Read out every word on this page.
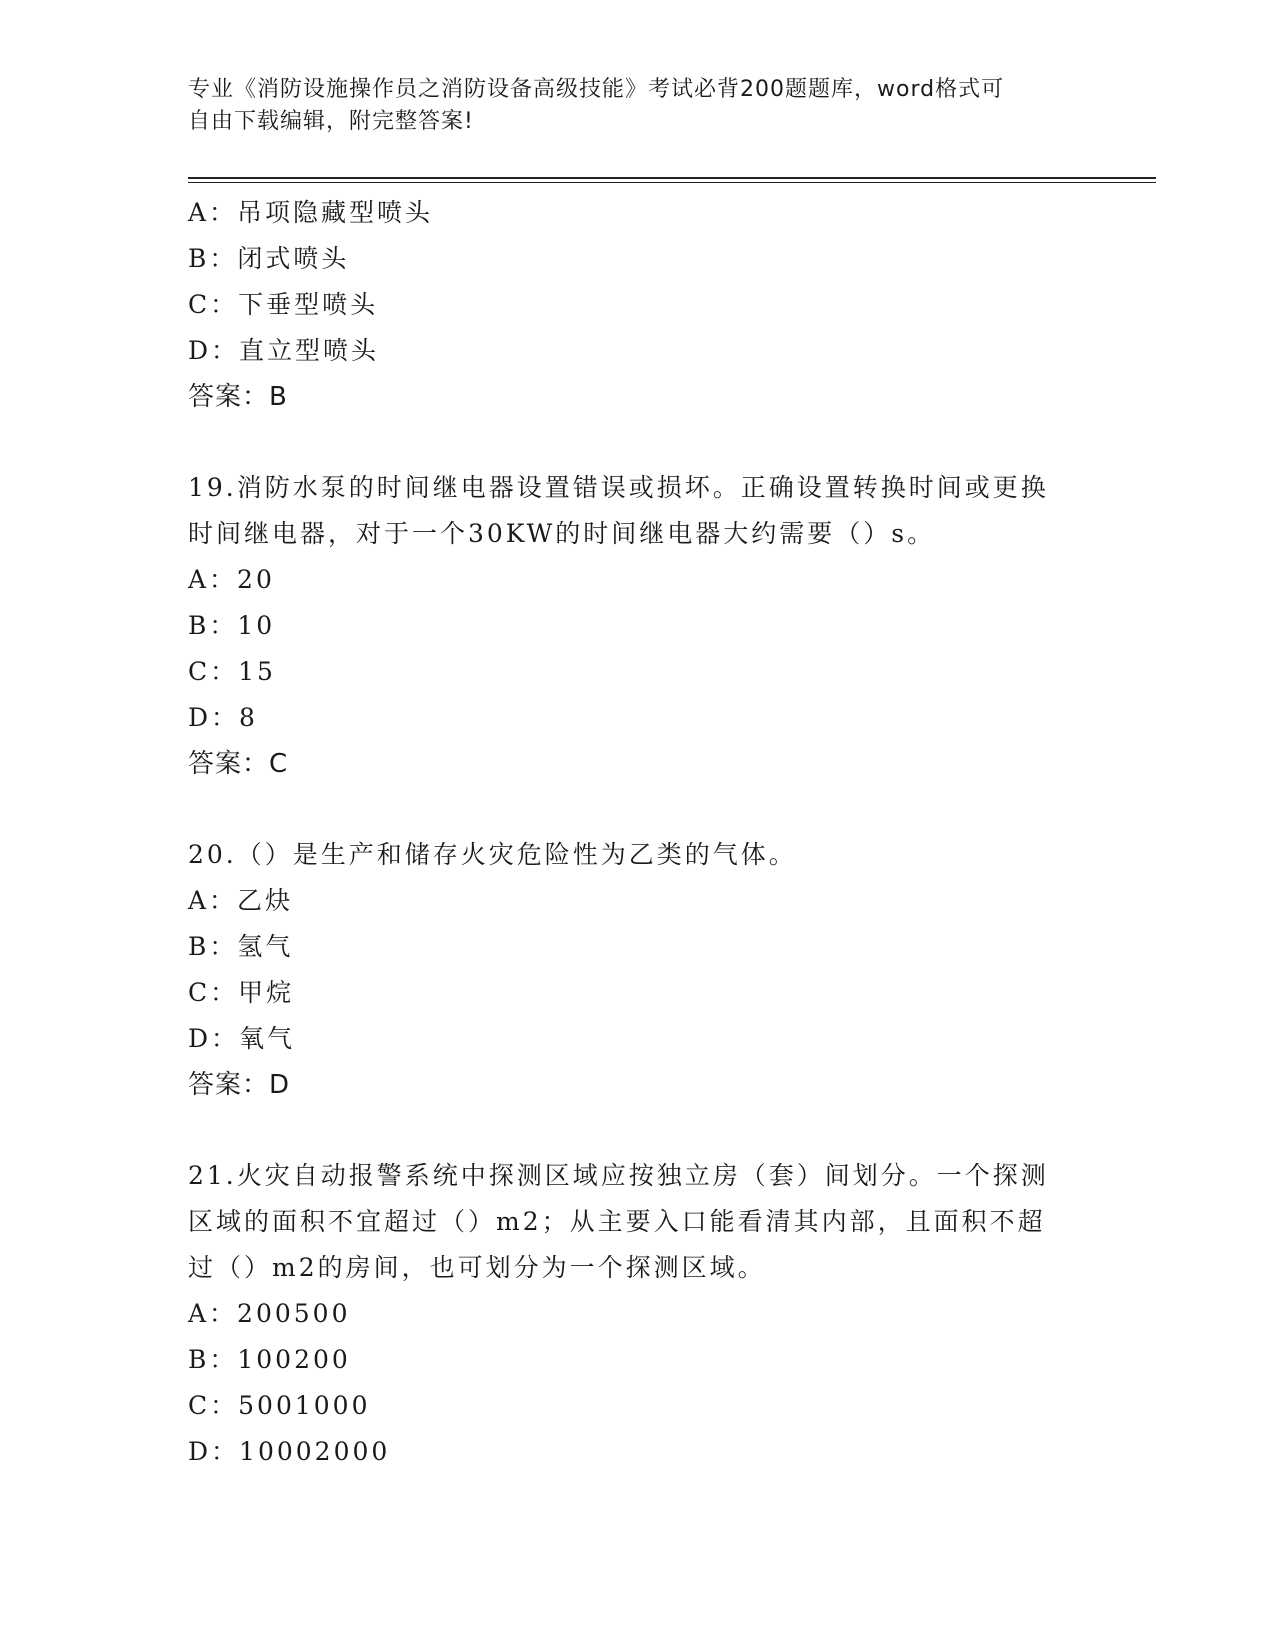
专业《消防设施操作员之消防设备高级技能》考试必背200题题库，word格式可
自由下载编辑，附完整答案!
A：吊项隐藏型喷头
B：闭式喷头
C：下垂型喷头
D：直立型喷头
答案：B
19.消防水泵的时间继电器设置错误或损坏。正确设置转换时间或更换
时间继电器，对于一个30KW的时间继电器大约需要（）s。
A：20
B：10
C：15
D：8
答案：C
20.（）是生产和储存火灾危险性为乙类的气体。
A：乙炔
B：氢气
C：甲烷
D：氧气
答案：D
21.火灾自动报警系统中探测区域应按独立房（套）间划分。一个探测
区域的面积不宜超过（）m2；从主要入口能看清其内部，且面积不超
过（）m2的房间，也可划分为一个探测区域。
A：200500
B：100200
C：5001000
D：10002000
